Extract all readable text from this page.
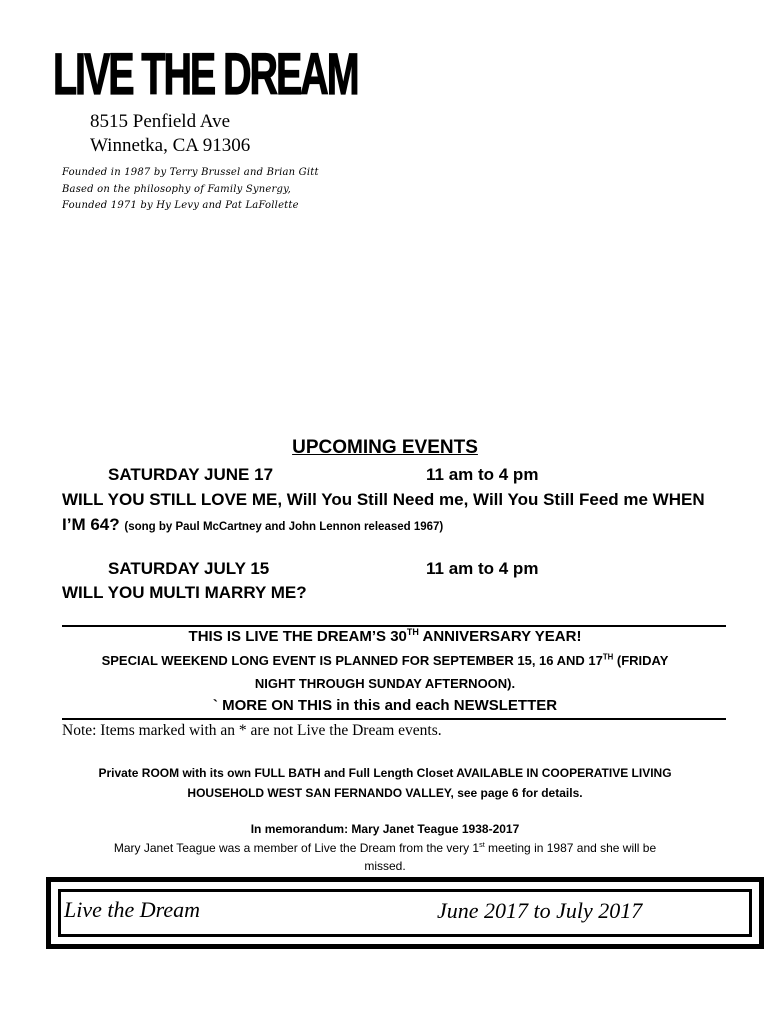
LIVE THE DREAM
8515 Penfield Ave
Winnetka, CA 91306
Founded in 1987 by Terry Brussel and Brian Gitt
Based on the philosophy of Family Synergy,
Founded 1971 by Hy Levy and Pat LaFollette
UPCOMING EVENTS
SATURDAY JUNE 17	11 am to 4 pm
WILL YOU STILL LOVE ME, Will You Still Need me, Will You Still Feed me WHEN
I’M 64? (song by Paul McCartney and John Lennon released 1967)
SATURDAY JULY 15	11 am to 4 pm
WILL YOU MULTI MARRY ME?
THIS IS LIVE THE DREAM’S 30TH ANNIVERSARY YEAR!
SPECIAL WEEKEND LONG EVENT IS PLANNED FOR SEPTEMBER 15, 16 AND 17TH (FRIDAY
NIGHT THROUGH SUNDAY AFTERNOON).
` MORE ON THIS in this and each NEWSLETTER
Note: Items marked with an * are not Live the Dream events.
Private ROOM with its own FULL BATH and Full Length Closet AVAILABLE IN COOPERATIVE LIVING
HOUSEHOLD WEST SAN FERNANDO VALLEY, see page 6 for details.
In memorandum: Mary Janet Teague 1938-2017
Mary Janet Teague was a member of Live the Dream from the very 1st meeting in 1987 and she will be
missed.
Live the Dream	June 2017 to July 2017
